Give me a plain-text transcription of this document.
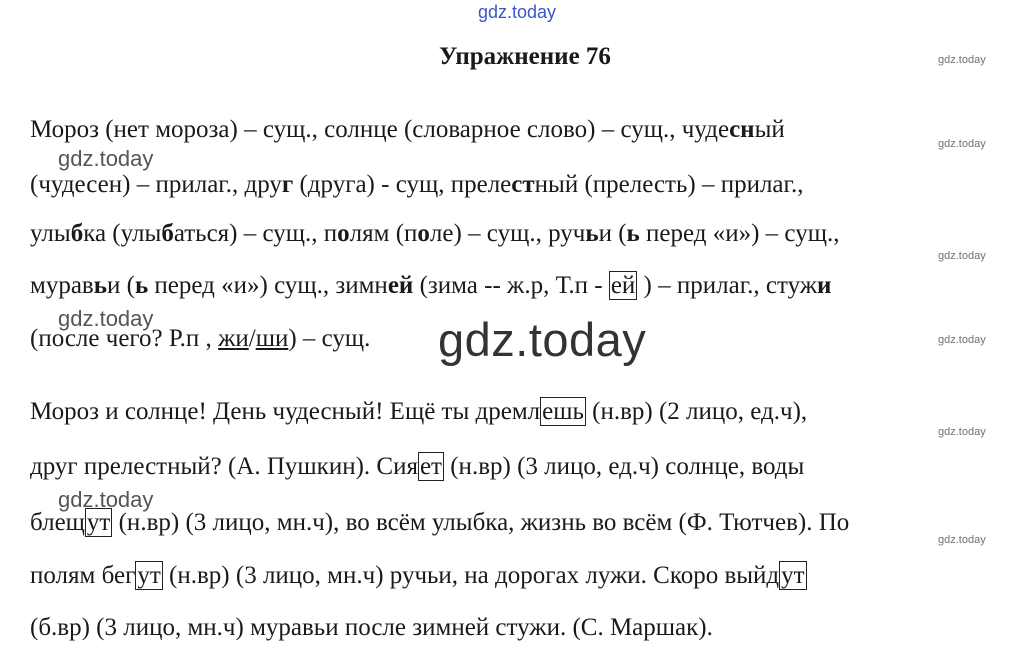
gdz.today
Упражнение 76	gdz.today
gdz.today
gdz.today
gdz.today
gdz.today
gdz.today
gdz.today
gdz.today
gdz.today
gdz.today
Мороз (нет мороза) – сущ., солнце (словарное слово) – сущ., чудесный
(чудесен) – прилаг., друг (друга) - сущ, прелестный (прелесть) – прилаг.,
улыбка (улыбаться) – сущ., полям (поле) – сущ., ручьи (ь перед «и») – сущ.,
муравьи (ь перед «и») сущ., зимней (зима -- ж.р, Т.п - ей ) – прилаг., стужи
(после чего? Р.п , жи/ши) – сущ.
Мороз и солнце! День чудесный! Ещё ты дремлешь (н.вр) (2 лицо, ед.ч),
друг прелестный? (А. Пушкин). Сияет (н.вр) (3 лицо, ед.ч) солнце, воды
блещут (н.вр) (3 лицо, мн.ч), во всём улыбка, жизнь во всём (Ф. Тютчев). По
полям бегут (н.вр) (3 лицо, мн.ч) ручьи, на дорогах лужи. Скоро выйдут
(б.вр) (3 лицо, мн.ч) муравьи после зимней стужи. (С. Маршак).
